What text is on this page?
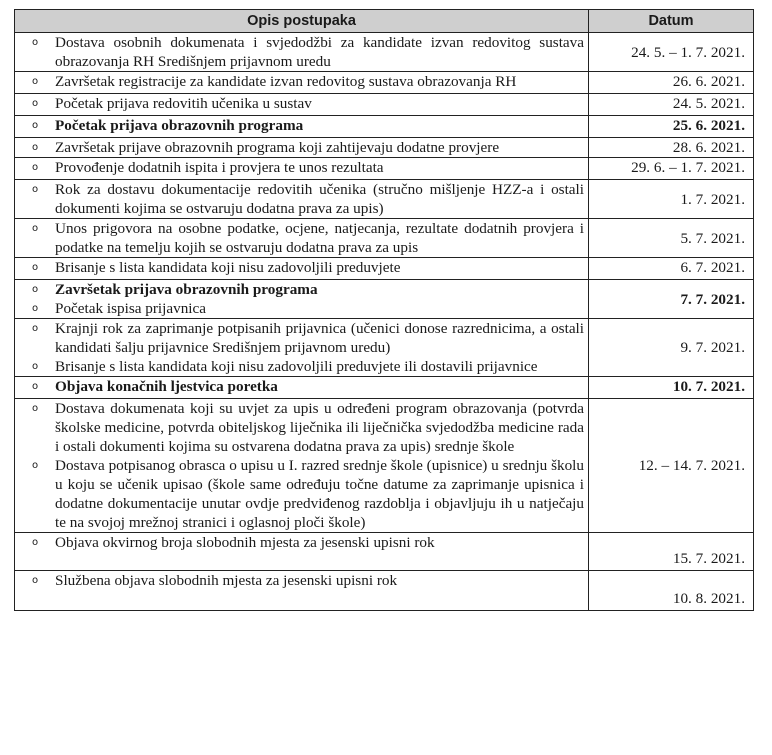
Opis postupaka	Datum

o Dostava osobnih dokumenata i svjedodžbi za kandidate izvan redovitog sustava obrazovanja RH Središnjem prijavnom uredu	24. 5. – 1. 7. 2021.

o Završetak registracije za kandidate izvan redovitog sustava obrazovanja RH	26. 6. 2021.

o Početak prijava redovitih učenika u sustav	24. 5. 2021.

o Početak prijava obrazovnih programa	25. 6. 2021.

o Završetak prijave obrazovnih programa koji zahtijevaju dodatne provjere	28. 6. 2021.

o Provođenje dodatnih ispita i provjera te unos rezultata	29. 6. – 1. 7. 2021.

o Rok za dostavu dokumentacije redovitih učenika (stručno mišljenje HZZ-a i ostali dokumenti kojima se ostvaruju dodatna prava za upis)	1. 7. 2021.

o Unos prigovora na osobne podatke, ocjene, natjecanja, rezultate dodatnih provjera i podatke na temelju kojih se ostvaruju dodatna prava za upis	5. 7. 2021.

o Brisanje s lista kandidata koji nisu zadovoljili preduvjete	6. 7. 2021.

o Završetak prijava obrazovnih programa
o Početak ispisa prijavnica	7. 7. 2021.

o Krajnji rok za zaprimanje potpisanih prijavnica (učenici donose razrednicima, a ostali kandidati šalju prijavnice Središnjem prijavnom uredu)
o Brisanje s lista kandidata koji nisu zadovoljili preduvjete ili dostavili prijavnice	9. 7. 2021.

o Objava konačnih ljestvica poretka	10. 7. 2021.

o Dostava dokumenata koji su uvjet za upis u određeni program obrazovanja (potvrda školske medicine, potvrda obiteljskog liječnika ili liječnička svjedodžba medicine rada i ostali dokumenti kojima su ostvarena dodatna prava za upis) srednje škole
o Dostava potpisanog obrasca o upisu u I. razred srednje škole (upisnice) u srednju školu u koju se učenik upisao (škole same određuju točne datume za zaprimanje upisnica i dodatne dokumentacije unutar ovdje predviđenog razdoblja i objavljuju ih u natječaju te na svojoj mrežnoj stranici i oglasnoj ploči škole)	12. – 14. 7. 2021.

o Objava okvirnog broja slobodnih mjesta za jesenski upisni rok	15. 7. 2021.

o Službena objava slobodnih mjesta za jesenski upisni rok	10. 8. 2021.
